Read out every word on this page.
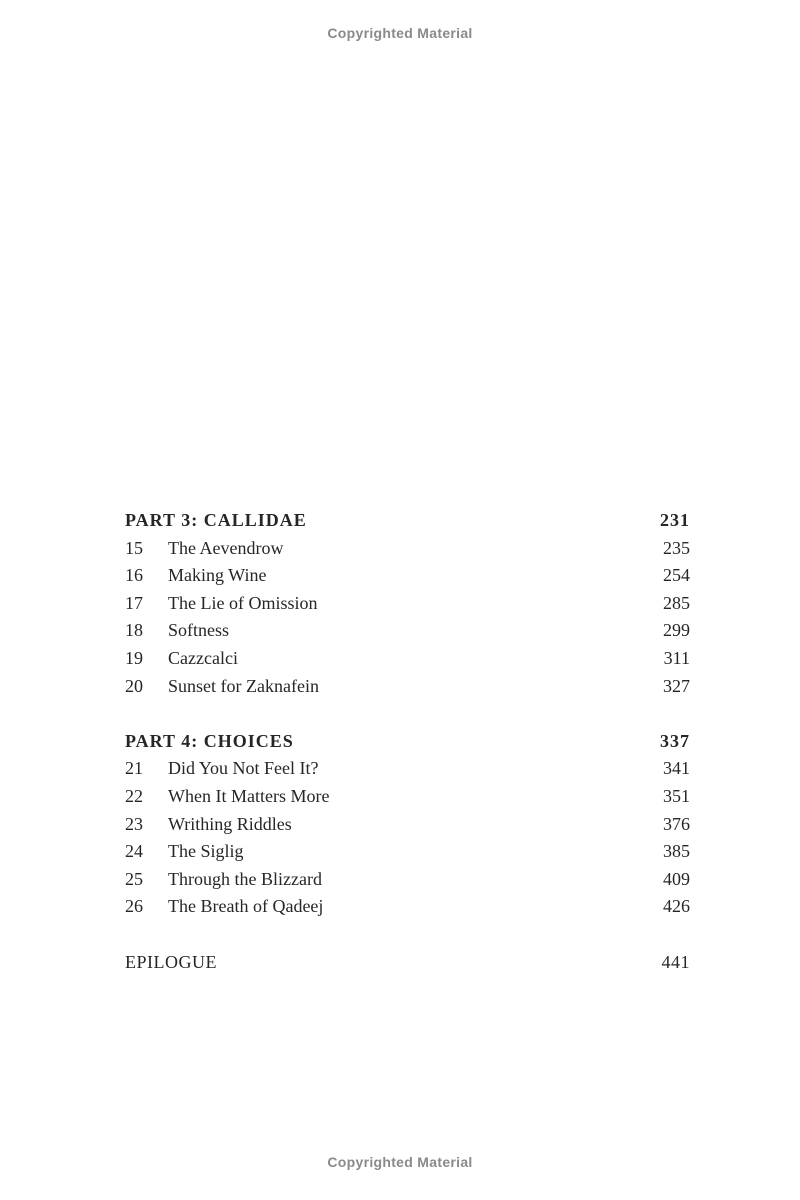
Copyrighted Material
PART 3: CALLIDAE	231
15	The Aevendrow	235
16	Making Wine	254
17	The Lie of Omission	285
18	Softness	299
19	Cazzcalci	311
20	Sunset for Zaknafein	327
PART 4: CHOICES	337
21	Did You Not Feel It?	341
22	When It Matters More	351
23	Writhing Riddles	376
24	The Siglig	385
25	Through the Blizzard	409
26	The Breath of Qadeej	426
EPILOGUE	441
Copyrighted Material
